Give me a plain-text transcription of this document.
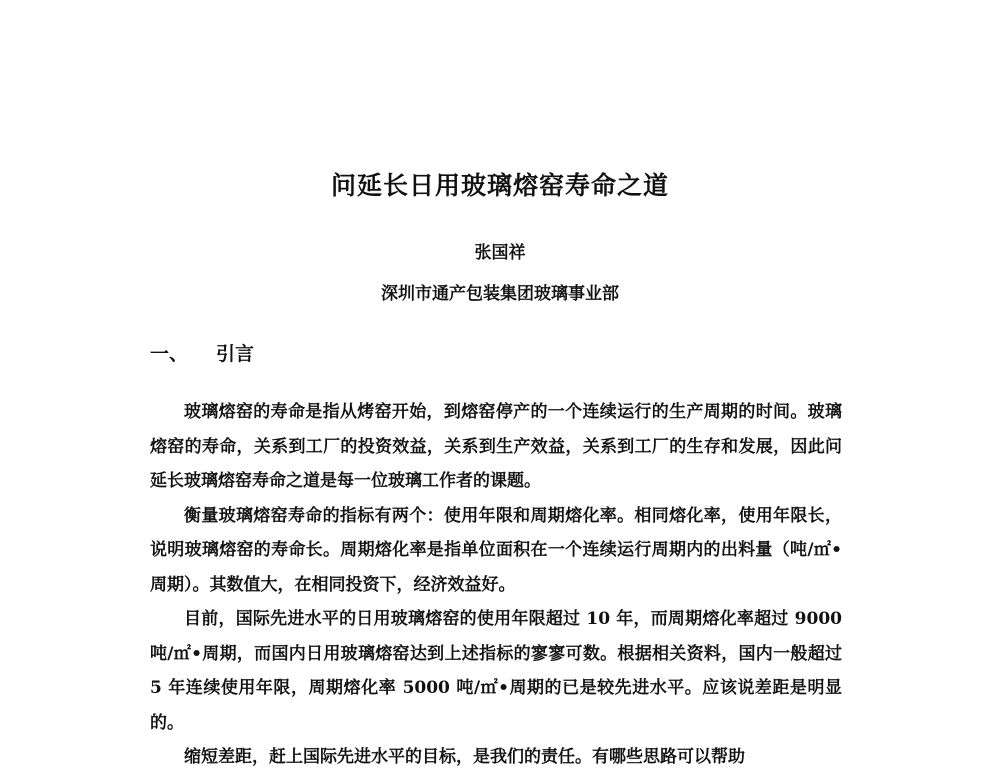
问延长日用玻璃熔窑寿命之道
张国祥
深圳市通产包装集团玻璃事业部
一、 引言

玻璃熔窑的寿命是指从烤窑开始，到熔窑停产的一个连续运行的生产周期的时间。玻璃熔窑的寿命，关系到工厂的投资效益，关系到生产效益，关系到工厂的生存和发展，因此问延长玻璃熔窑寿命之道是每一位玻璃工作者的课题。

衡量玻璃熔窑寿命的指标有两个：使用年限和周期熔化率。相同熔化率，使用年限长，说明玻璃熔窑的寿命长。周期熔化率是指单位面积在一个连续运行周期内的出料量（吨/㎡•周期）。其数值大，在相同投资下，经济效益好。

目前，国际先进水平的日用玻璃熔窑的使用年限超过 10 年，而周期熔化率超过 9000 吨/㎡•周期，而国内日用玻璃熔窑达到上述指标的寥寥可数。根据相关资料，国内一般超过 5 年连续使用年限，周期熔化率 5000 吨/㎡•周期的已是较先进水平。应该说差距是明显的。

缩短差距，赶上国际先进水平的目标，是我们的责任。有哪些思路可以帮助
